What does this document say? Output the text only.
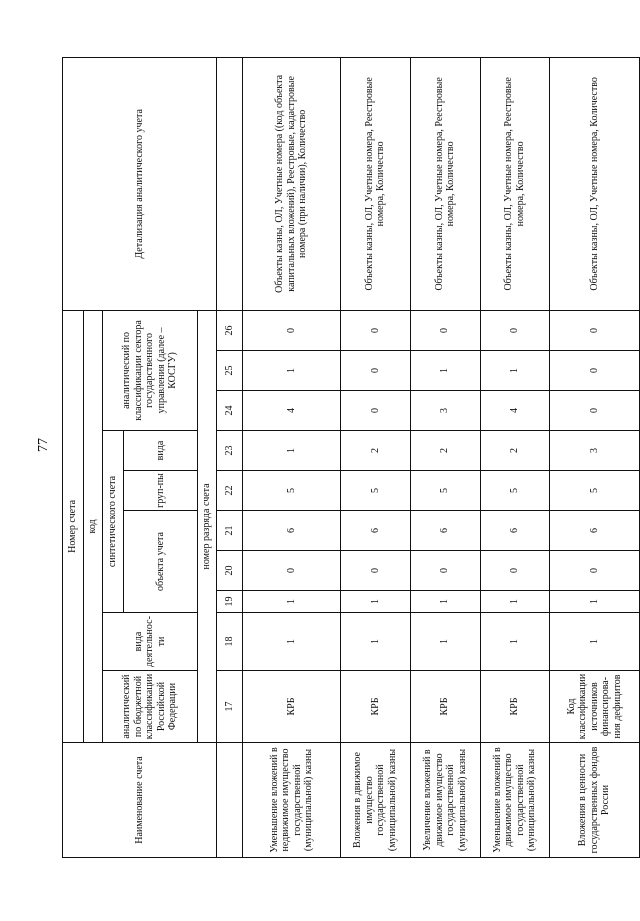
77
Наименование счета	Номер счета										Детализация аналитического учета
	код										
	аналитический по бюджетной классификации Российской Федерации	вида деятельнос-ти	синтетического счета					аналитический по классификации сектора государственного управления (далее – КОСГУ)			
			объекта учета			груп-пы	вида				

	номер разряда счета										
	17	18	19	20	21	22	23	24	25	26	
Уменьшение вложений в недвижимое имущество государственной (муниципальной) казны	КРБ	1	1	0	6	5	1	4	1	0	Объекты казны, ОЛ, Учетные номера ((код объекта капитальных вложений), Реестровые, кадастровые номера (при наличии), Количество
Вложения в движимое имущество государственной (муниципальной) казны	КРБ	1	1	0	6	5	2	0	0	0	Объекты казны, ОЛ, Учетные номера, Реестровые номера, Количество
Увеличение вложений в движимое имущество государственной (муниципальной) казны	КРБ	1	1	0	6	5	2	3	1	0	Объекты казны, ОЛ, Учетные номера, Реестровые номера, Количество
Уменьшение вложений в движимое имущество государственной (муниципальной) казны	КРБ	1	1	0	6	5	2	4	1	0	Объекты казны, ОЛ, Учетные номера, Реестровые номера, Количество
Вложения в ценности государственных фондов России	Код классификации источников финансирова-ния дефицитов	1	1	0	6	5	3	0	0	0	Объекты казны, ОЛ, Учетные номера, Количество
